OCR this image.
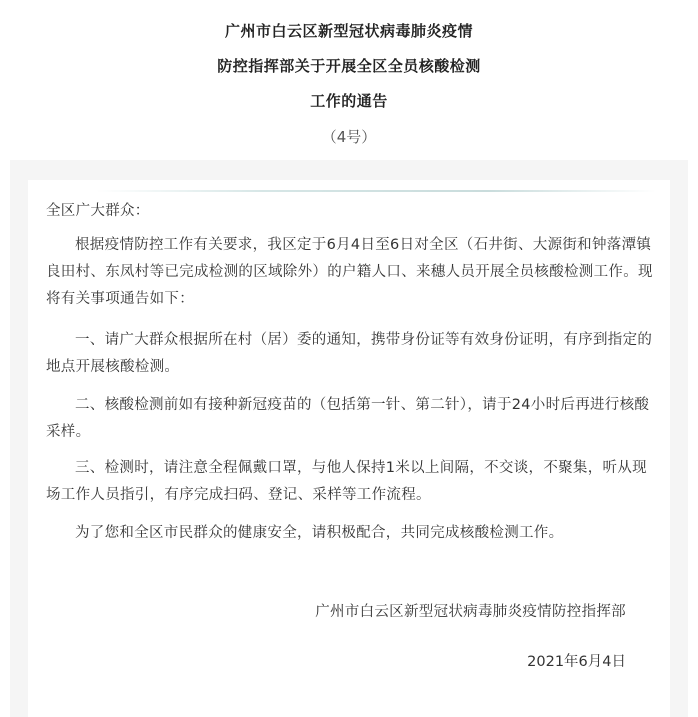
广州市白云区新型冠状病毒肺炎疫情
防控指挥部关于开展全区全员核酸检测
工作的通告
（4号）
全区广大群众：
根据疫情防控工作有关要求，我区定于6月4日至6日对全区（石井街、大源街和钟落潭镇良田村、东凤村等已完成检测的区域除外）的户籍人口、来穗人员开展全员核酸检测工作。现将有关事项通告如下：
一、请广大群众根据所在村（居）委的通知，携带身份证等有效身份证明，有序到指定的地点开展核酸检测。
二、核酸检测前如有接种新冠疫苗的（包括第一针、第二针），请于24小时后再进行核酸采样。
三、检测时，请注意全程佩戴口罩，与他人保持1米以上间隔，不交谈，不聚集，听从现场工作人员指引，有序完成扫码、登记、采样等工作流程。
为了您和全区市民群众的健康安全，请积极配合，共同完成核酸检测工作。
广州市白云区新型冠状病毒肺炎疫情防控指挥部
2021年6月4日
